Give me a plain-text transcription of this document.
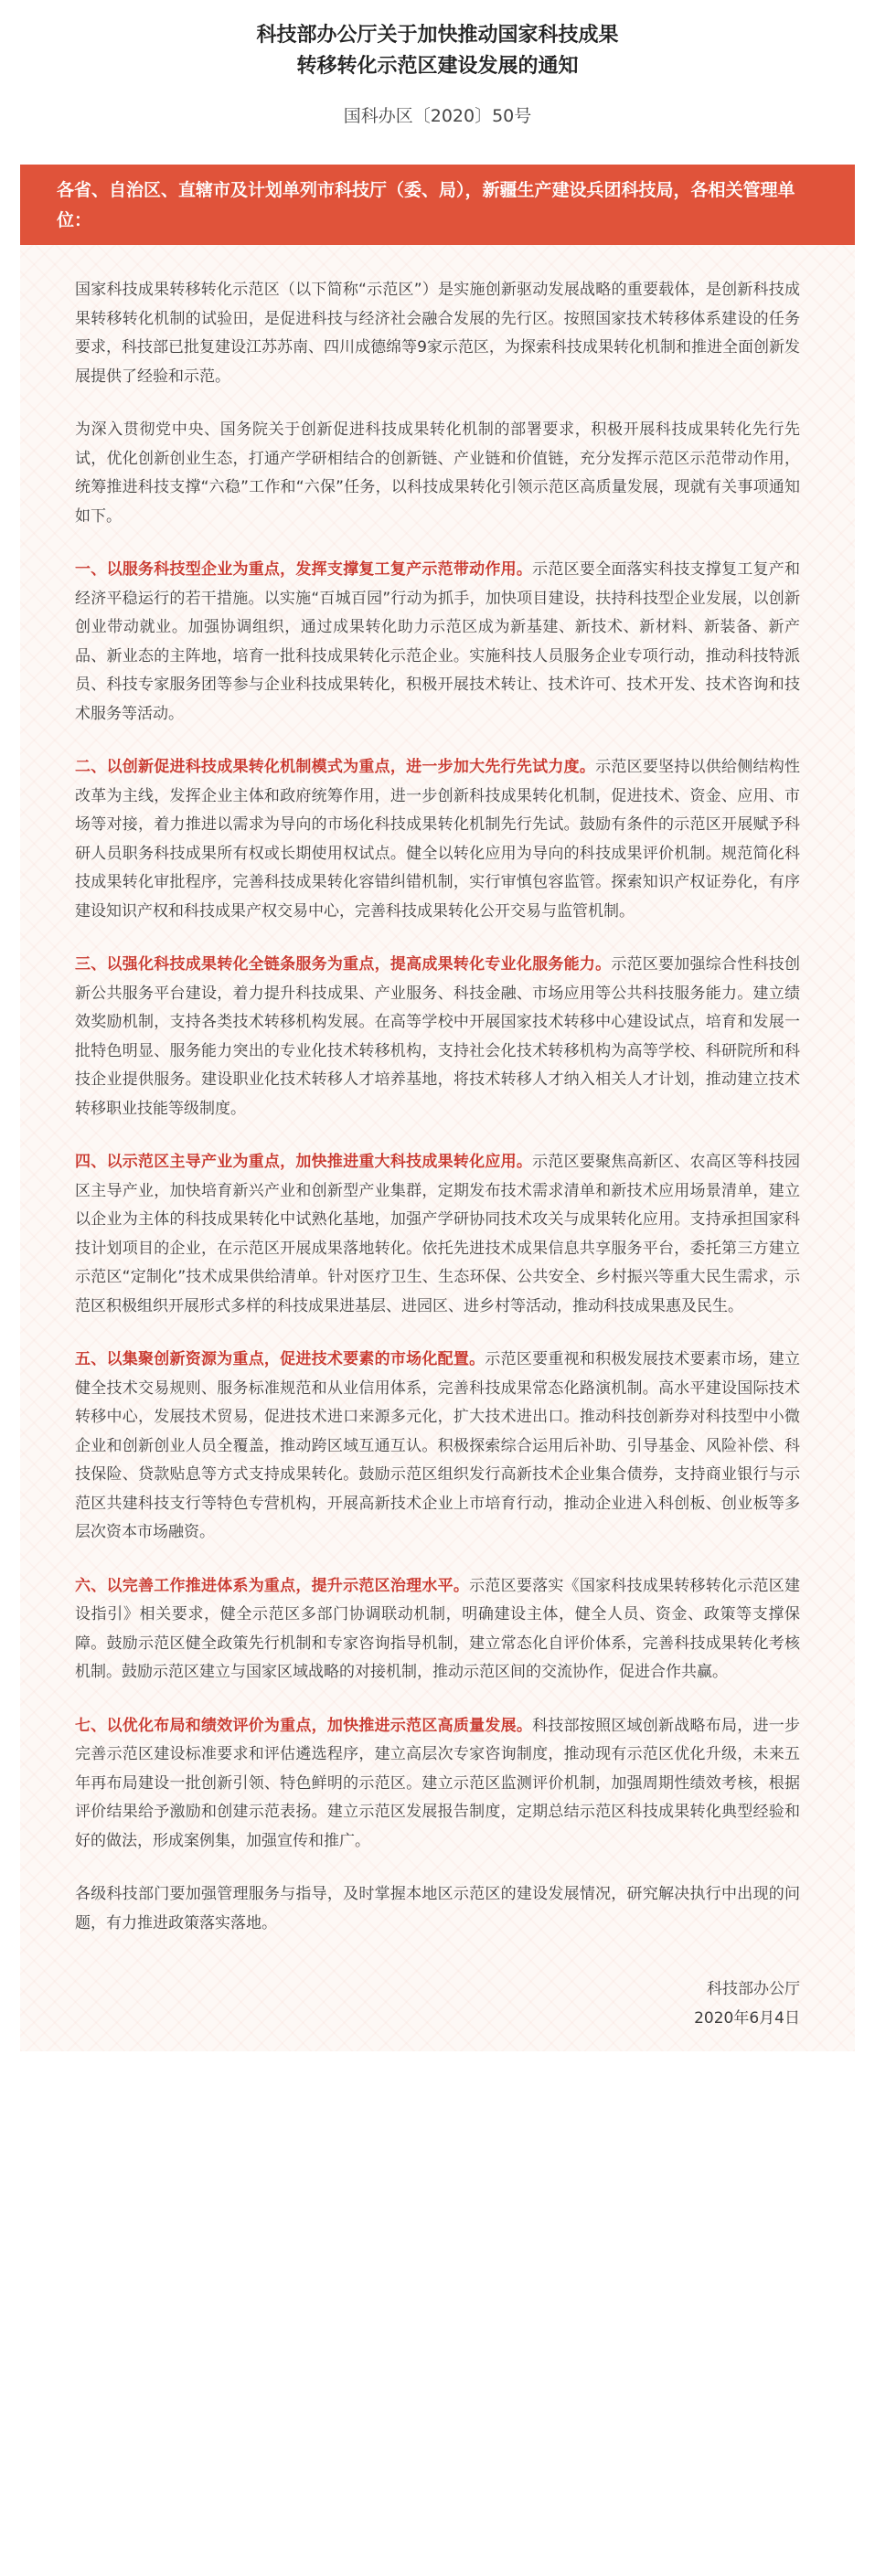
科技部办公厅关于加快推动国家科技成果

转移转化示范区建设发展的通知

国科办区〔2020〕50号
各省、自治区、直辖市及计划单列市科技厅（委、局），新疆生产建设兵团科技局，各相关管理单位：

国家科技成果转移转化示范区（以下简称“示范区”）是实施创新驱动发展战略的重要载体，是创新科技成果转移转化机制的试验田，是促进科技与经济社会融合发展的先行区。按照国家技术转移体系建设的任务要求，科技部已批复建设江苏苏南、四川成德绵等9家示范区，为探索科技成果转化机制和推进全面创新发展提供了经验和示范。

为深入贯彻党中央、国务院关于创新促进科技成果转化机制的部署要求，积极开展科技成果转化先行先试，优化创新创业生态，打通产学研相结合的创新链、产业链和价值链，充分发挥示范区示范带动作用，统筹推进科技支撑“六稳”工作和“六保”任务，以科技成果转化引领示范区高质量发展，现就有关事项通知如下。

一、以服务科技型企业为重点，发挥支撑复工复产示范带动作用。示范区要全面落实科技支撑复工复产和经济平稳运行的若干措施。以实施“百城百园”行动为抓手，加快项目建设，扶持科技型企业发展，以创新创业带动就业。加强协调组织，通过成果转化助力示范区成为新基建、新技术、新材料、新装备、新产品、新业态的主阵地，培育一批科技成果转化示范企业。实施科技人员服务企业专项行动，推动科技特派员、科技专家服务团等参与企业科技成果转化，积极开展技术转让、技术许可、技术开发、技术咨询和技术服务等活动。

二、以创新促进科技成果转化机制模式为重点，进一步加大先行先试力度。示范区要坚持以供给侧结构性改革为主线，发挥企业主体和政府统筹作用，进一步创新科技成果转化机制，促进技术、资金、应用、市场等对接，着力推进以需求为导向的市场化科技成果转化机制先行先试。鼓励有条件的示范区开展赋予科研人员职务科技成果所有权或长期使用权试点。健全以转化应用为导向的科技成果评价机制。规范简化科技成果转化审批程序，完善科技成果转化容错纠错机制，实行审慎包容监管。探索知识产权证券化，有序建设知识产权和科技成果产权交易中心，完善科技成果转化公开交易与监管机制。

三、以强化科技成果转化全链条服务为重点，提高成果转化专业化服务能力。示范区要加强综合性科技创新公共服务平台建设，着力提升科技成果、产业服务、科技金融、市场应用等公共科技服务能力。建立绩效奖励机制，支持各类技术转移机构发展。在高等学校中开展国家技术转移中心建设试点，培育和发展一批特色明显、服务能力突出的专业化技术转移机构，支持社会化技术转移机构为高等学校、科研院所和科技企业提供服务。建设职业化技术转移人才培养基地，将技术转移人才纳入相关人才计划，推动建立技术转移职业技能等级制度。

四、以示范区主导产业为重点，加快推进重大科技成果转化应用。示范区要聚焦高新区、农高区等科技园区主导产业，加快培育新兴产业和创新型产业集群，定期发布技术需求清单和新技术应用场景清单，建立以企业为主体的科技成果转化中试熟化基地，加强产学研协同技术攻关与成果转化应用。支持承担国家科技计划项目的企业，在示范区开展成果落地转化。依托先进技术成果信息共享服务平台，委托第三方建立示范区“定制化”技术成果供给清单。针对医疗卫生、生态环保、公共安全、乡村振兴等重大民生需求，示范区积极组织开展形式多样的科技成果进基层、进园区、进乡村等活动，推动科技成果惠及民生。

五、以集聚创新资源为重点，促进技术要素的市场化配置。示范区要重视和积极发展技术要素市场，建立健全技术交易规则、服务标准规范和从业信用体系，完善科技成果常态化路演机制。高水平建设国际技术转移中心，发展技术贸易，促进技术进口来源多元化，扩大技术进出口。推动科技创新券对科技型中小微企业和创新创业人员全覆盖，推动跨区域互通互认。积极探索综合运用后补助、引导基金、风险补偿、科技保险、贷款贴息等方式支持成果转化。鼓励示范区组织发行高新技术企业集合债券，支持商业银行与示范区共建科技支行等特色专营机构，开展高新技术企业上市培育行动，推动企业进入科创板、创业板等多层次资本市场融资。

六、以完善工作推进体系为重点，提升示范区治理水平。示范区要落实《国家科技成果转移转化示范区建设指引》相关要求，健全示范区多部门协调联动机制，明确建设主体，健全人员、资金、政策等支撑保障。鼓励示范区健全政策先行机制和专家咨询指导机制，建立常态化自评价体系，完善科技成果转化考核机制。鼓励示范区建立与国家区域战略的对接机制，推动示范区间的交流协作，促进合作共赢。

七、以优化布局和绩效评价为重点，加快推进示范区高质量发展。科技部按照区域创新战略布局，进一步完善示范区建设标准要求和评估遴选程序，建立高层次专家咨询制度，推动现有示范区优化升级，未来五年再布局建设一批创新引领、特色鲜明的示范区。建立示范区监测评价机制，加强周期性绩效考核，根据评价结果给予激励和创建示范表扬。建立示范区发展报告制度，定期总结示范区科技成果转化典型经验和好的做法，形成案例集，加强宣传和推广。

各级科技部门要加强管理服务与指导，及时掌握本地区示范区的建设发展情况，研究解决执行中出现的问题，有力推进政策落实落地。

科技部办公厅
2020年6月4日
